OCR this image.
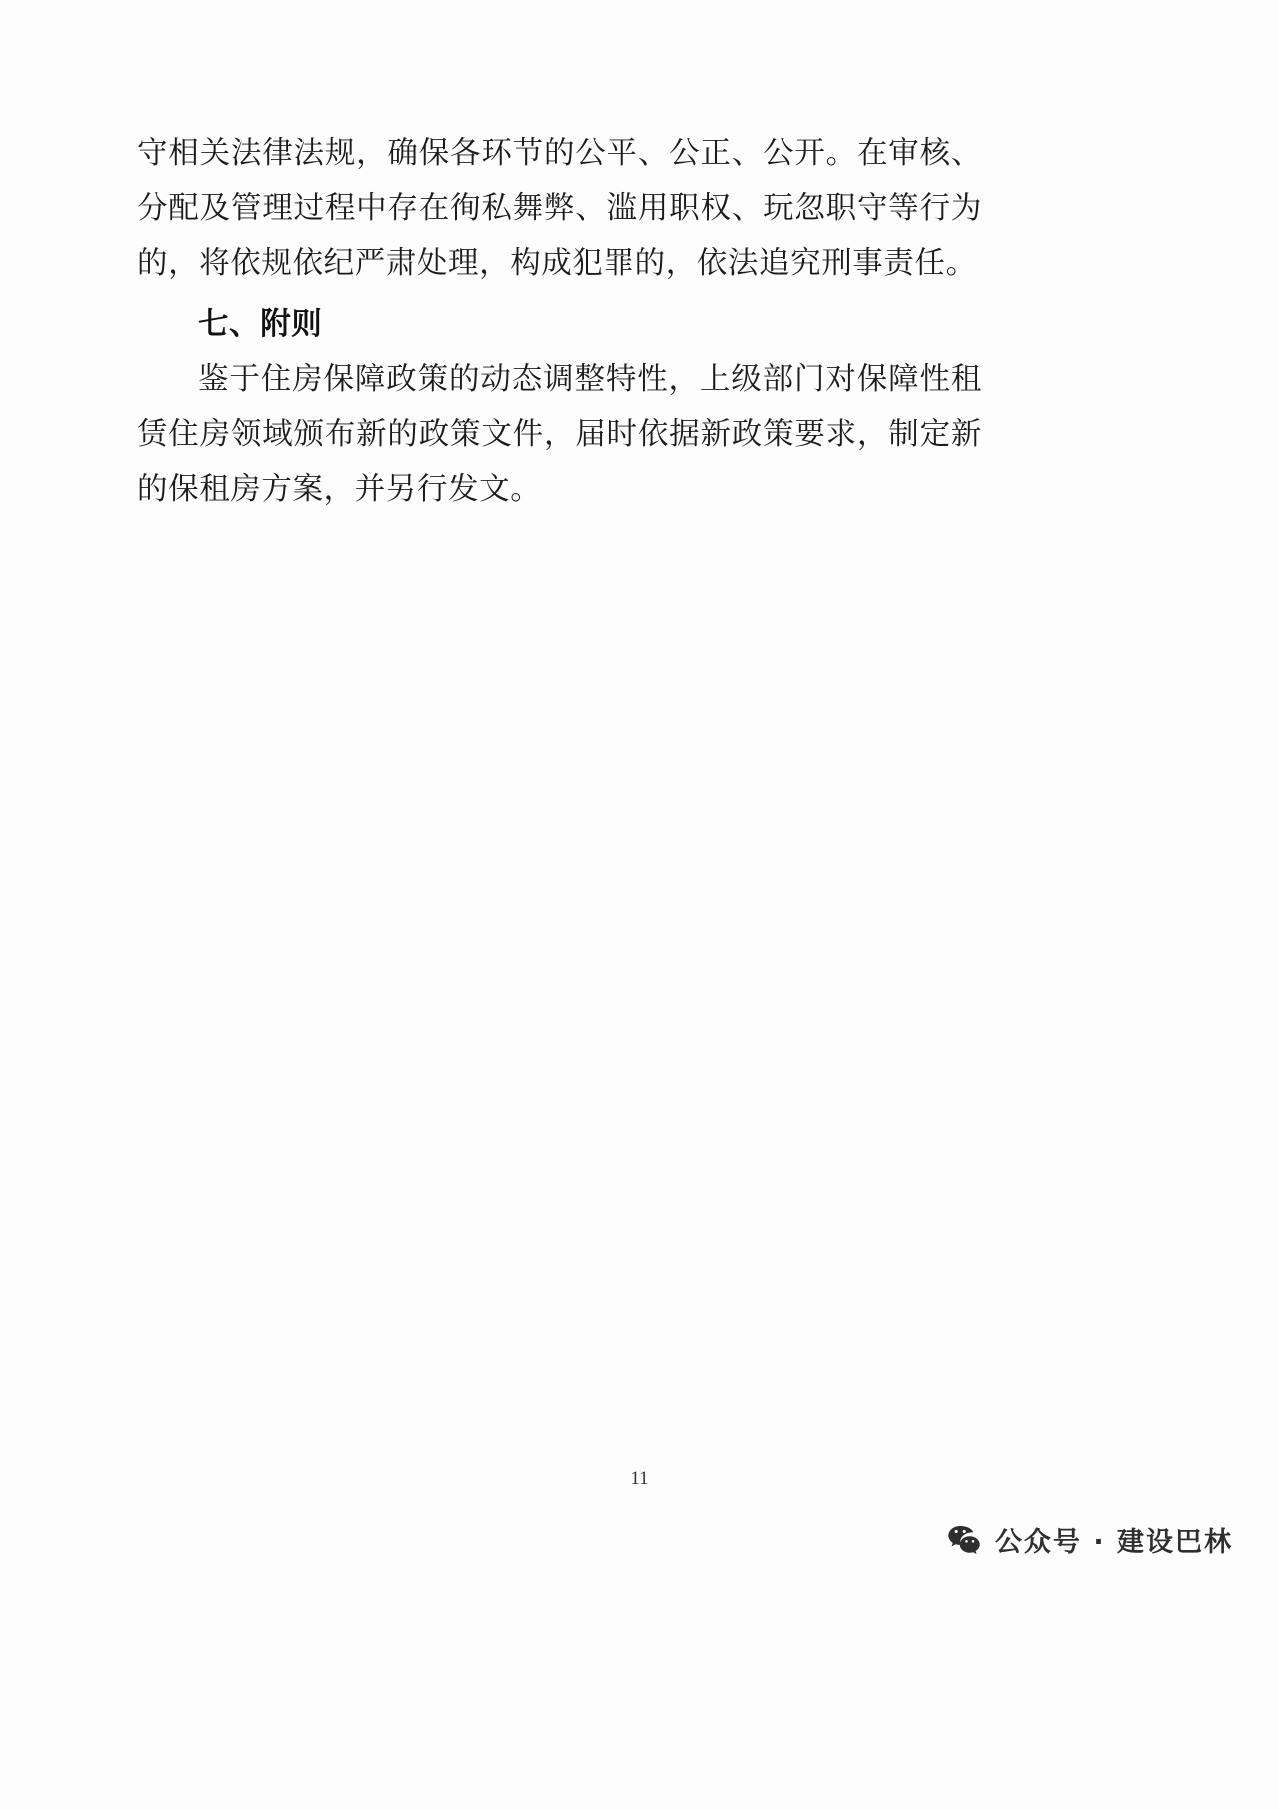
守相关法律法规，确保各环节的公平、公正、公开。在审核、分配及管理过程中存在徇私舞弊、滥用职权、玩忽职守等行为的，将依规依纪严肃处理，构成犯罪的，依法追究刑事责任。

七、附则

鉴于住房保障政策的动态调整特性，上级部门对保障性租赁住房领域颁布新的政策文件，届时依据新政策要求，制定新的保租房方案，并另行发文。

11
公众号 · 建设巴林
